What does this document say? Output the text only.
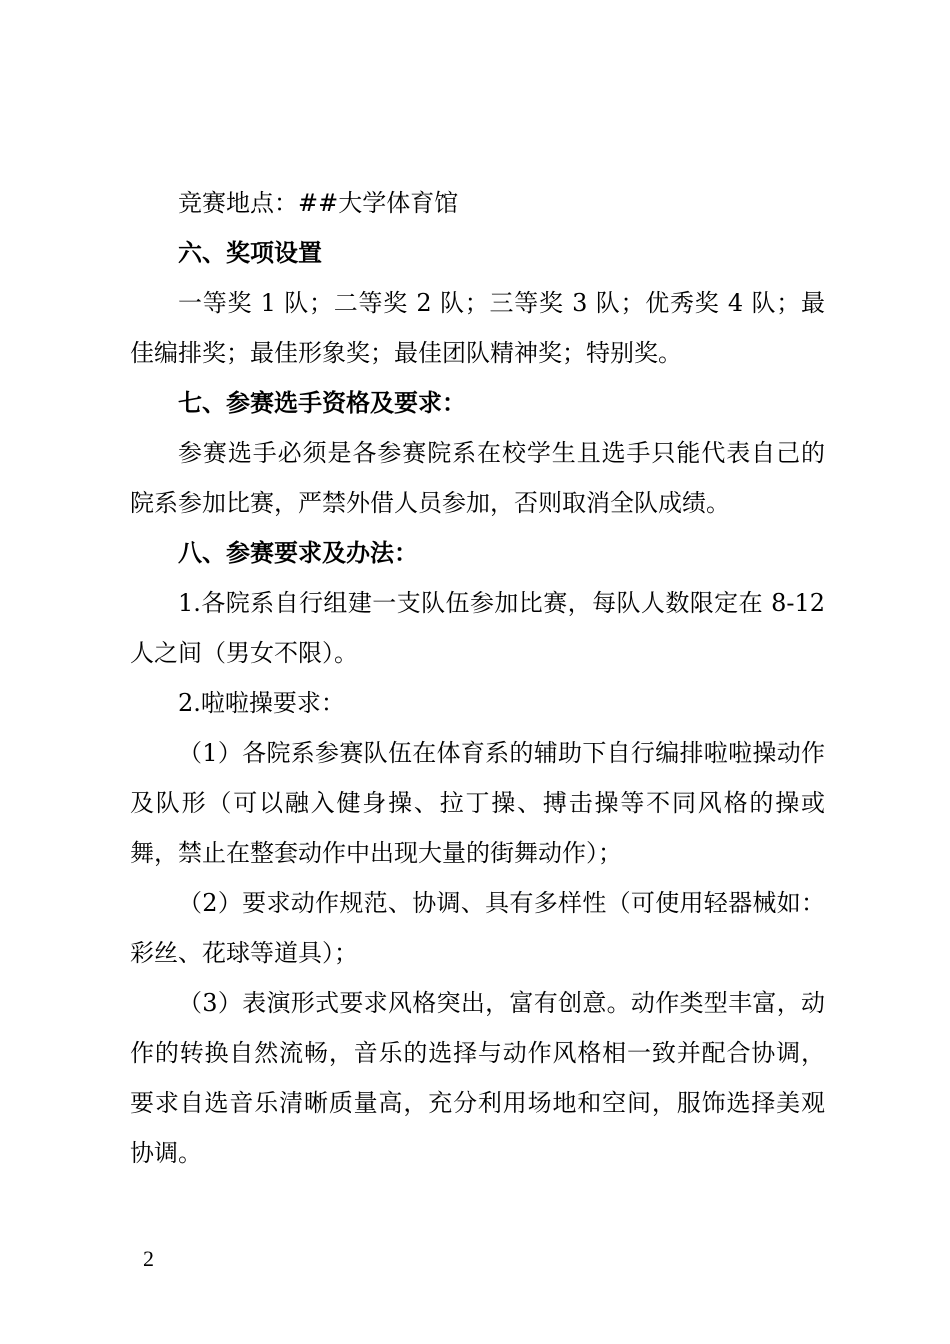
竞赛地点：##大学体育馆

六、奖项设置

一等奖 1 队；二等奖 2 队；三等奖 3 队；优秀奖 4 队；最佳编排奖；最佳形象奖；最佳团队精神奖；特别奖。

七、参赛选手资格及要求：

参赛选手必须是各参赛院系在校学生且选手只能代表自己的院系参加比赛，严禁外借人员参加，否则取消全队成绩。

八、参赛要求及办法：

1.各院系自行组建一支队伍参加比赛，每队人数限定在 8-12 人之间（男女不限）。

2.啦啦操要求：

（1）各院系参赛队伍在体育系的辅助下自行编排啦啦操动作及队形（可以融入健身操、拉丁操、搏击操等不同风格的操或舞，禁止在整套动作中出现大量的街舞动作）；

（2）要求动作规范、协调、具有多样性（可使用轻器械如：彩丝、花球等道具）；

（3）表演形式要求风格突出，富有创意。动作类型丰富，动作的转换自然流畅，音乐的选择与动作风格相一致并配合协调，要求自选音乐清晰质量高，充分利用场地和空间，服饰选择美观协调。

2
